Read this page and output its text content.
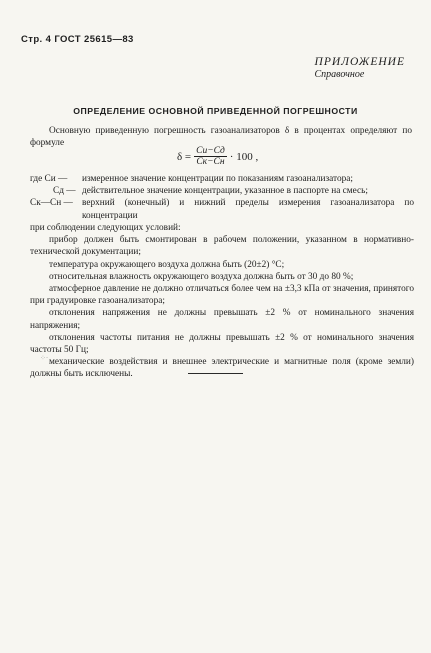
Стр. 4 ГОСТ 25615—83
ПРИЛОЖЕНИЕ
Справочное
ОПРЕДЕЛЕНИЕ ОСНОВНОЙ ПРИВЕДЕННОЙ ПОГРЕШНОСТИ
Основную приведенную погрешность газоанализаторов δ в процентах определяют по формуле
$\delta = \frac{Cи-Cд}{Cк-Cн} \cdot 100$ ,
где Cи —	измеренное значение концентрации по показаниям газоанализатора;
Cд — действительное значение концентрации, указанное в паспорте на смесь;
Cк—Cн — верхний (конечный) и нижний пределы измерения газоанализатора по концентрации

при соблюдении следующих условий:

прибор должен быть смонтирован в рабочем положении, указанном в нормативно-технической документации;

температура окружающего воздуха должна быть (20±2) °С;

относительная влажность окружающего воздуха должна быть от 30 до 80 %;

атмосферное давление не должно отличаться более чем на ±3,3 кПа от значения, принятого при градуировке газоанализатора;

отклонения напряжения не должны превышать ±2 % от номинального значения напряжения;

отклонения частоты питания не должны превышать ±2 % от номинального значения частоты 50 Гц;

механические воздействия и внешнее электрические и магнитные поля (кроме земли) должны быть исключены.

⁘·
